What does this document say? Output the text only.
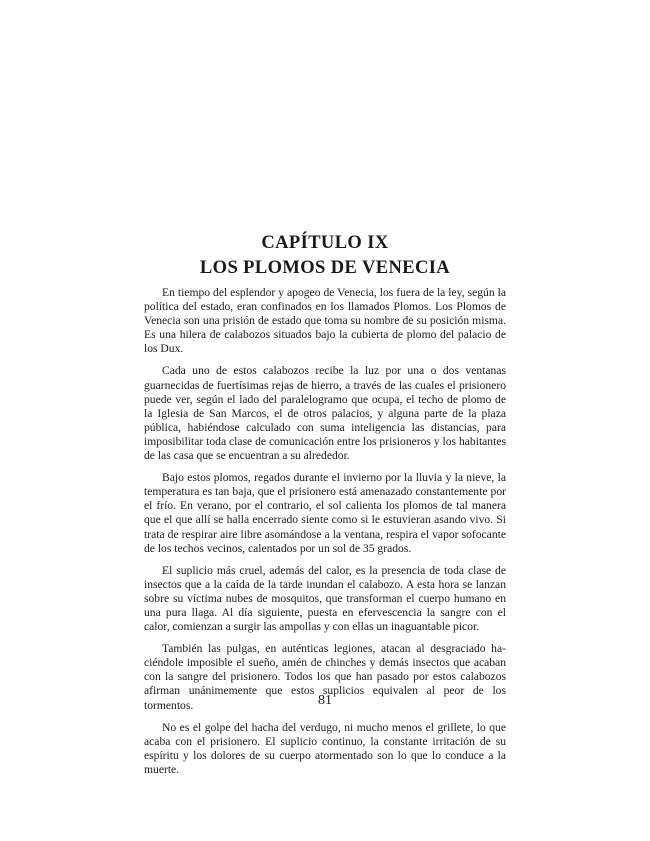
CAPÍTULO IX
LOS PLOMOS DE VENECIA

En tiempo del esplendor y apogeo de Venecia, los fuera de la ley, según la política del estado, eran confinados en los llamados Plomos. Los Plomos de Venecia son una prisión de estado que toma su nombre de su posición misma. Es una hilera de calabozos situados bajo la cubierta de plomo del palacio de los Dux.

Cada uno de estos calabozos recibe la luz por una o dos ventanas guarnecidas de fuertísimas rejas de hierro, a través de las cuales el prisionero puede ver, según el lado del paralelogramo que ocupa, el techo de plomo de la Iglesia de San Marcos, el de otros palacios, y alguna parte de la plaza pública, habiéndose calculado con suma inteligencia las distancias, para imposibilitar toda clase de comunicación entre los prisioneros y los habitantes de las casa que se encuentran a su alrededor.

Bajo estos plomos, regados durante el invierno por la lluvia y la nieve, la temperatura es tan baja, que el prisionero está amenazado constantemente por el frío. En verano, por el contrario, el sol calienta los plomos de tal manera que el que allí se halla encerrado siente como si le estuvieran asando vivo. Si trata de respirar aire libre asomándose a la ventana, respira el vapor sofocante de los techos vecinos, calentados por un sol de 35 grados.

El suplicio más cruel, además del calor, es la presencia de toda clase de insectos que a la caída de la tarde inundan el calabozo. A esta hora se lanzan sobre su víctima nubes de mosquitos, que transforman el cuerpo humano en una pura llaga. Al día siguiente, puesta en efervescencia la sangre con el calor, comienzan a surgir las ampollas y con ellas un inaguantable picor.

También las pulgas, en auténticas legiones, atacan al desgraciado haciéndole imposible el sueño, amén de chinches y demás insectos que acaban con la sangre del prisionero. Todos los que han pasado por estos calabozos afirman unánimemente que estos suplicios equivalen al peor de los tormentos.

No es el golpe del hacha del verdugo, ni mucho menos el grillete, lo que acaba con el prisionero. El suplicio continuo, la constante irritación de su espíritu y los dolores de su cuerpo atormentado son lo que lo conduce a la muerte.

81
